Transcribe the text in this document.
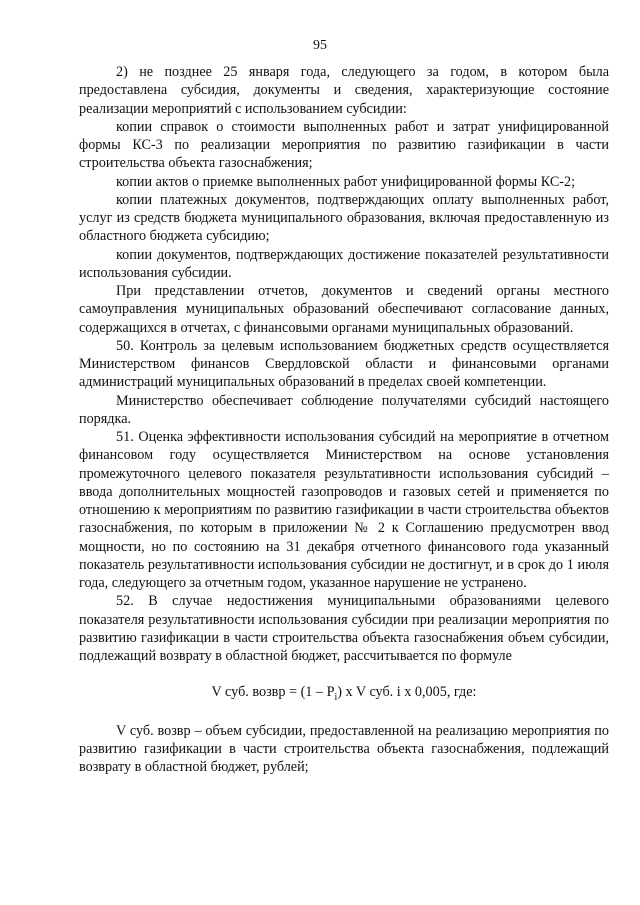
95

2) не позднее 25 января года, следующего за годом, в котором была предоставлена субсидия, документы и сведения, характеризующие состояние реализации мероприятий с использованием субсидии:

копии справок о стоимости выполненных работ и затрат унифицированной формы КС-3 по реализации мероприятия по развитию газификации в части строительства объекта газоснабжения;

копии актов о приемке выполненных работ унифицированной формы КС-2;

копии платежных документов, подтверждающих оплату выполненных работ, услуг из средств бюджета муниципального образования, включая предоставленную из областного бюджета субсидию;

копии документов, подтверждающих достижение показателей результативности использования субсидии.

При представлении отчетов, документов и сведений органы местного самоуправления муниципальных образований обеспечивают согласование данных, содержащихся в отчетах, с финансовыми органами муниципальных образований.

50. Контроль за целевым использованием бюджетных средств осуществляется Министерством финансов Свердловской области и финансовыми органами администраций муниципальных образований в пределах своей компетенции.

Министерство обеспечивает соблюдение получателями субсидий настоящего порядка.

51. Оценка эффективности использования субсидий на мероприятие в отчетном финансовом году осуществляется Министерством на основе установления промежуточного целевого показателя результативности использования субсидий – ввода дополнительных мощностей газопроводов и газовых сетей и применяется по отношению к мероприятиям по развитию газификации в части строительства объектов газоснабжения, по которым в приложении № 2 к Соглашению предусмотрен ввод мощности, но по состоянию на 31 декабря отчетного финансового года указанный показатель результативности использования субсидии не достигнут, и в срок до 1 июля года, следующего за отчетным годом, указанное нарушение не устранено.

52. В случае недостижения муниципальными образованиями целевого показателя результативности использования субсидии при реализации мероприятия по развитию газификации в части строительства объекта газоснабжения объем субсидии, подлежащий возврату в областной бюджет, рассчитывается по формуле

V суб. возвр = $(1 - P_i)$ x V суб. i x 0,005, где:

V суб. возвр – объем субсидии, предоставленной на реализацию мероприятия по развитию газификации в части строительства объекта газоснабжения, подлежащий возврату в областной бюджет, рублей;
